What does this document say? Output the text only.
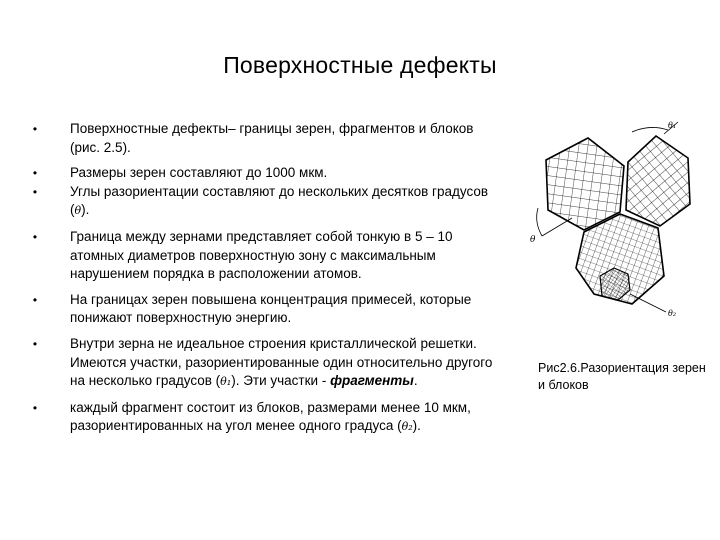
Поверхностные дефекты
•	Поверхностные дефекты– границы зерен, фрагментов и блоков (рис. 2.5).
•	Размеры зерен составляют до 1000 мкм.
•	Углы разориентации составляют до нескольких десятков градусов (θ).
•	Граница между зернами представляет собой тонкую в 5 – 10 атомных диаметров поверхностную зону с максимальным нарушением порядка в расположении атомов.
•	На границах зерен повышена концентрация примесей, которые понижают поверхностную энергию.
•	Внутри зерна не идеальное строения кристаллической решетки. Имеются участки, разориентированные один относительно другого на несколько градусов (θ₁). Эти участки - фрагменты.
•	каждый фрагмент состоит из блоков, размерами менее 10 мкм, разориентированных на угол менее одного градуса (θ₂).
θ₁
θ
θ₂
Рис2.6.Разориентация зерен и блоков
